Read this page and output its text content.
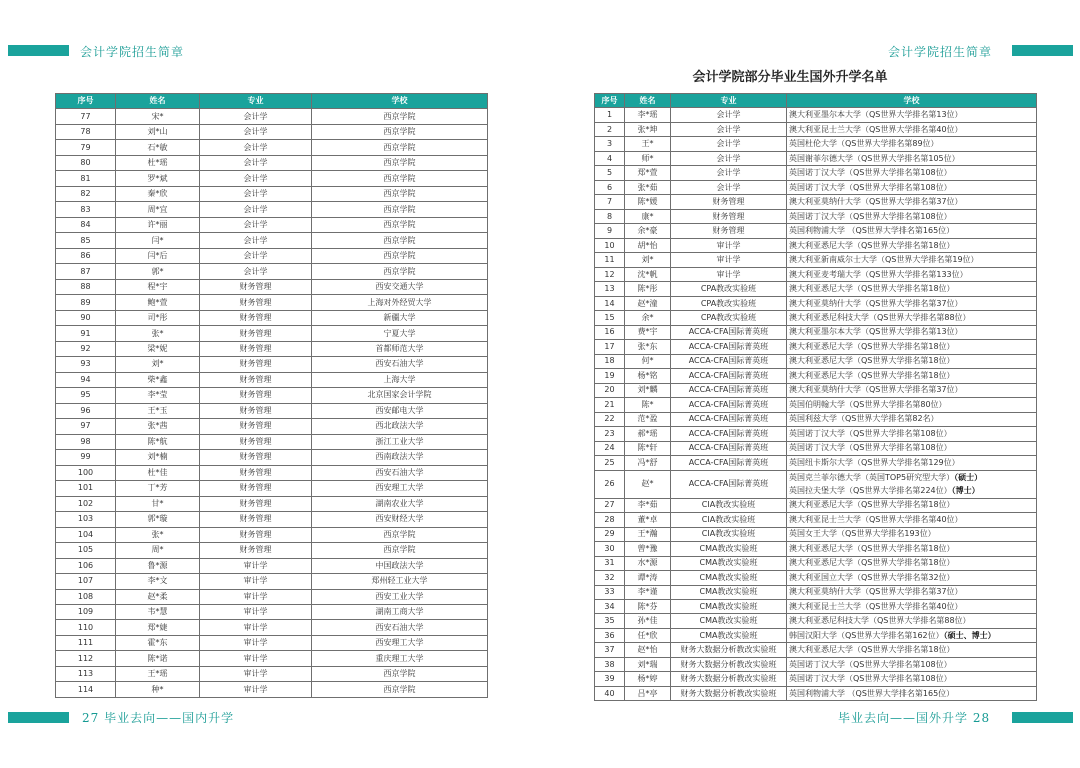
会计学院招生简章	会计学院招生简章
会计学院部分毕业生国外升学名单
序号	姓名	专业	学校
77	宋*	会计学	西京学院
78	刘*山	会计学	西京学院
79	石*敏	会计学	西京学院
80	杜*瑶	会计学	西京学院
81	罗*斌	会计学	西京学院
82	秦*欣	会计学	西京学院
83	周*宜	会计学	西京学院
84	许*丽	会计学	西京学院
85	闫*	会计学	西京学院
86	闫*后	会计学	西京学院
87	郭*	会计学	西京学院
88	程*宇	财务管理	西安交通大学
89	鲍*萱	财务管理	上海对外经贸大学
90	司*彤	财务管理	新疆大学
91	张*	财务管理	宁夏大学
92	梁*妮	财务管理	首都师范大学
93	刘*	财务管理	西安石油大学
94	柴*鑫	财务管理	上海大学
95	李*莹	财务管理	北京国家会计学院
96	王*玉	财务管理	西安邮电大学
97	张*茜	财务管理	西北政法大学
98	陈*航	财务管理	浙江工业大学
99	刘*楠	财务管理	西南政法大学
100	杜*佳	财务管理	西安石油大学
101	丁*芳	财务管理	西安理工大学
102	甘*	财务管理	湖南农业大学
103	郭*璇	财务管理	西安财经大学
104	张*	财务管理	西京学院
105	周*	财务管理	西京学院
106	鲁*源	审计学	中国政法大学
107	李*文	审计学	郑州轻工业大学
108	赵*柔	审计学	西安工业大学
109	韦*慧	审计学	湖南工商大学
110	郑*婕	审计学	西安石油大学
111	霍*东	审计学	西安理工大学
112	陈*诺	审计学	重庆理工大学
113	王*瑶	审计学	西京学院
114	种*	审计学	西京学院
序号	姓名	专业	学校
1	李*瑶	会计学	澳大利亚墨尔本大学（QS世界大学排名第13位）
2	张*坤	会计学	澳大利亚昆士兰大学（QS世界大学排名第40位）
3	王*	会计学	英国杜伦大学（QS世界大学排名第89位）
4	师*	会计学	英国谢菲尔德大学（QS世界大学排名第105位）
5	郑*萱	会计学	英国诺丁汉大学（QS世界大学排名第108位）
6	张*茹	会计学	英国诺丁汉大学（QS世界大学排名第108位）
7	陈*媛	财务管理	澳大利亚莫纳什大学（QS世界大学排名第37位）
8	康*	财务管理	英国诺丁汉大学（QS世界大学排名第108位）
9	余*豪	财务管理	英国利物浦大学 （QS世界大学排名第165位）
10	胡*怡	审计学	澳大利亚悉尼大学（QS世界大学排名第18位）
11	刘*	审计学	澳大利亚新南威尔士大学（QS世界大学排名第19位）
12	沈*帆	审计学	澳大利亚麦考瑞大学（QS世界大学排名第133位）
13	陈*彤	CPA教改实验班	澳大利亚悉尼大学（QS世界大学排名第18位）
14	赵*潼	CPA教改实验班	澳大利亚莫纳什大学（QS世界大学排名第37位）
15	余*	CPA教改实验班	澳大利亚悉尼科技大学（QS世界大学排名第88位）
16	费*宇	ACCA-CFA国际菁英班	澳大利亚墨尔本大学（QS世界大学排名第13位）
17	张*东	ACCA-CFA国际菁英班	澳大利亚悉尼大学（QS世界大学排名第18位）
18	何*	ACCA-CFA国际菁英班	澳大利亚悉尼大学（QS世界大学排名第18位）
19	杨*铭	ACCA-CFA国际菁英班	澳大利亚悉尼大学（QS世界大学排名第18位）
20	刘*麟	ACCA-CFA国际菁英班	澳大利亚莫纳什大学（QS世界大学排名第37位）
21	陈*	ACCA-CFA国际菁英班	英国伯明翰大学（QS世界大学排名第80位）
22	范*盈	ACCA-CFA国际菁英班	英国利兹大学（QS世界大学排名第82名）
23	郝*瑶	ACCA-CFA国际菁英班	英国诺丁汉大学（QS世界大学排名第108位）
24	陈*轩	ACCA-CFA国际菁英班	英国诺丁汉大学（QS世界大学排名第108位）
25	冯*舒	ACCA-CFA国际菁英班	英国纽卡斯尔大学（QS世界大学排名第129位）
26	赵*	ACCA-CFA国际菁英班	英国克兰菲尔德大学（英国TOP5研究型大学）（硕士）
英国拉夫堡大学（QS世界大学排名第224位）（博士）

27	李*茹	CIA教改实验班	澳大利亚悉尼大学（QS世界大学排名第18位）
28	董*卓	CIA教改实验班	澳大利亚昆士兰大学（QS世界大学排名第40位）
29	王*瀚	CIA教改实验班	英国女王大学（QS世界大学排名193位）
30	曾*豫	CMA教改实验班	澳大利亚悉尼大学（QS世界大学排名第18位）
31	水*源	CMA教改实验班	澳大利亚悉尼大学（QS世界大学排名第18位）
32	谭*涛	CMA教改实验班	澳大利亚国立大学（QS世界大学排名第32位）
33	李*谨	CMA教改实验班	澳大利亚莫纳什大学（QS世界大学排名第37位）
34	陈*芬	CMA教改实验班	澳大利亚昆士兰大学（QS世界大学排名第40位）
35	孙*佳	CMA教改实验班	澳大利亚悉尼科技大学（QS世界大学排名第88位）
36	任*欣	CMA教改实验班	韩国汉阳大学（QS世界大学排名第162位）（硕士、博士）
37	赵*怡	财务大数据分析教改实验班	澳大利亚悉尼大学（QS世界大学排名第18位）
38	刘*瑞	财务大数据分析教改实验班	英国诺丁汉大学（QS世界大学排名第108位）
39	杨*婷	财务大数据分析教改实验班	英国诺丁汉大学（QS世界大学排名第108位）
40	吕*亭	财务大数据分析教改实验班	英国利物浦大学 （QS世界大学排名第165位）
27 毕业去向——国内升学	毕业去向——国外升学 28
